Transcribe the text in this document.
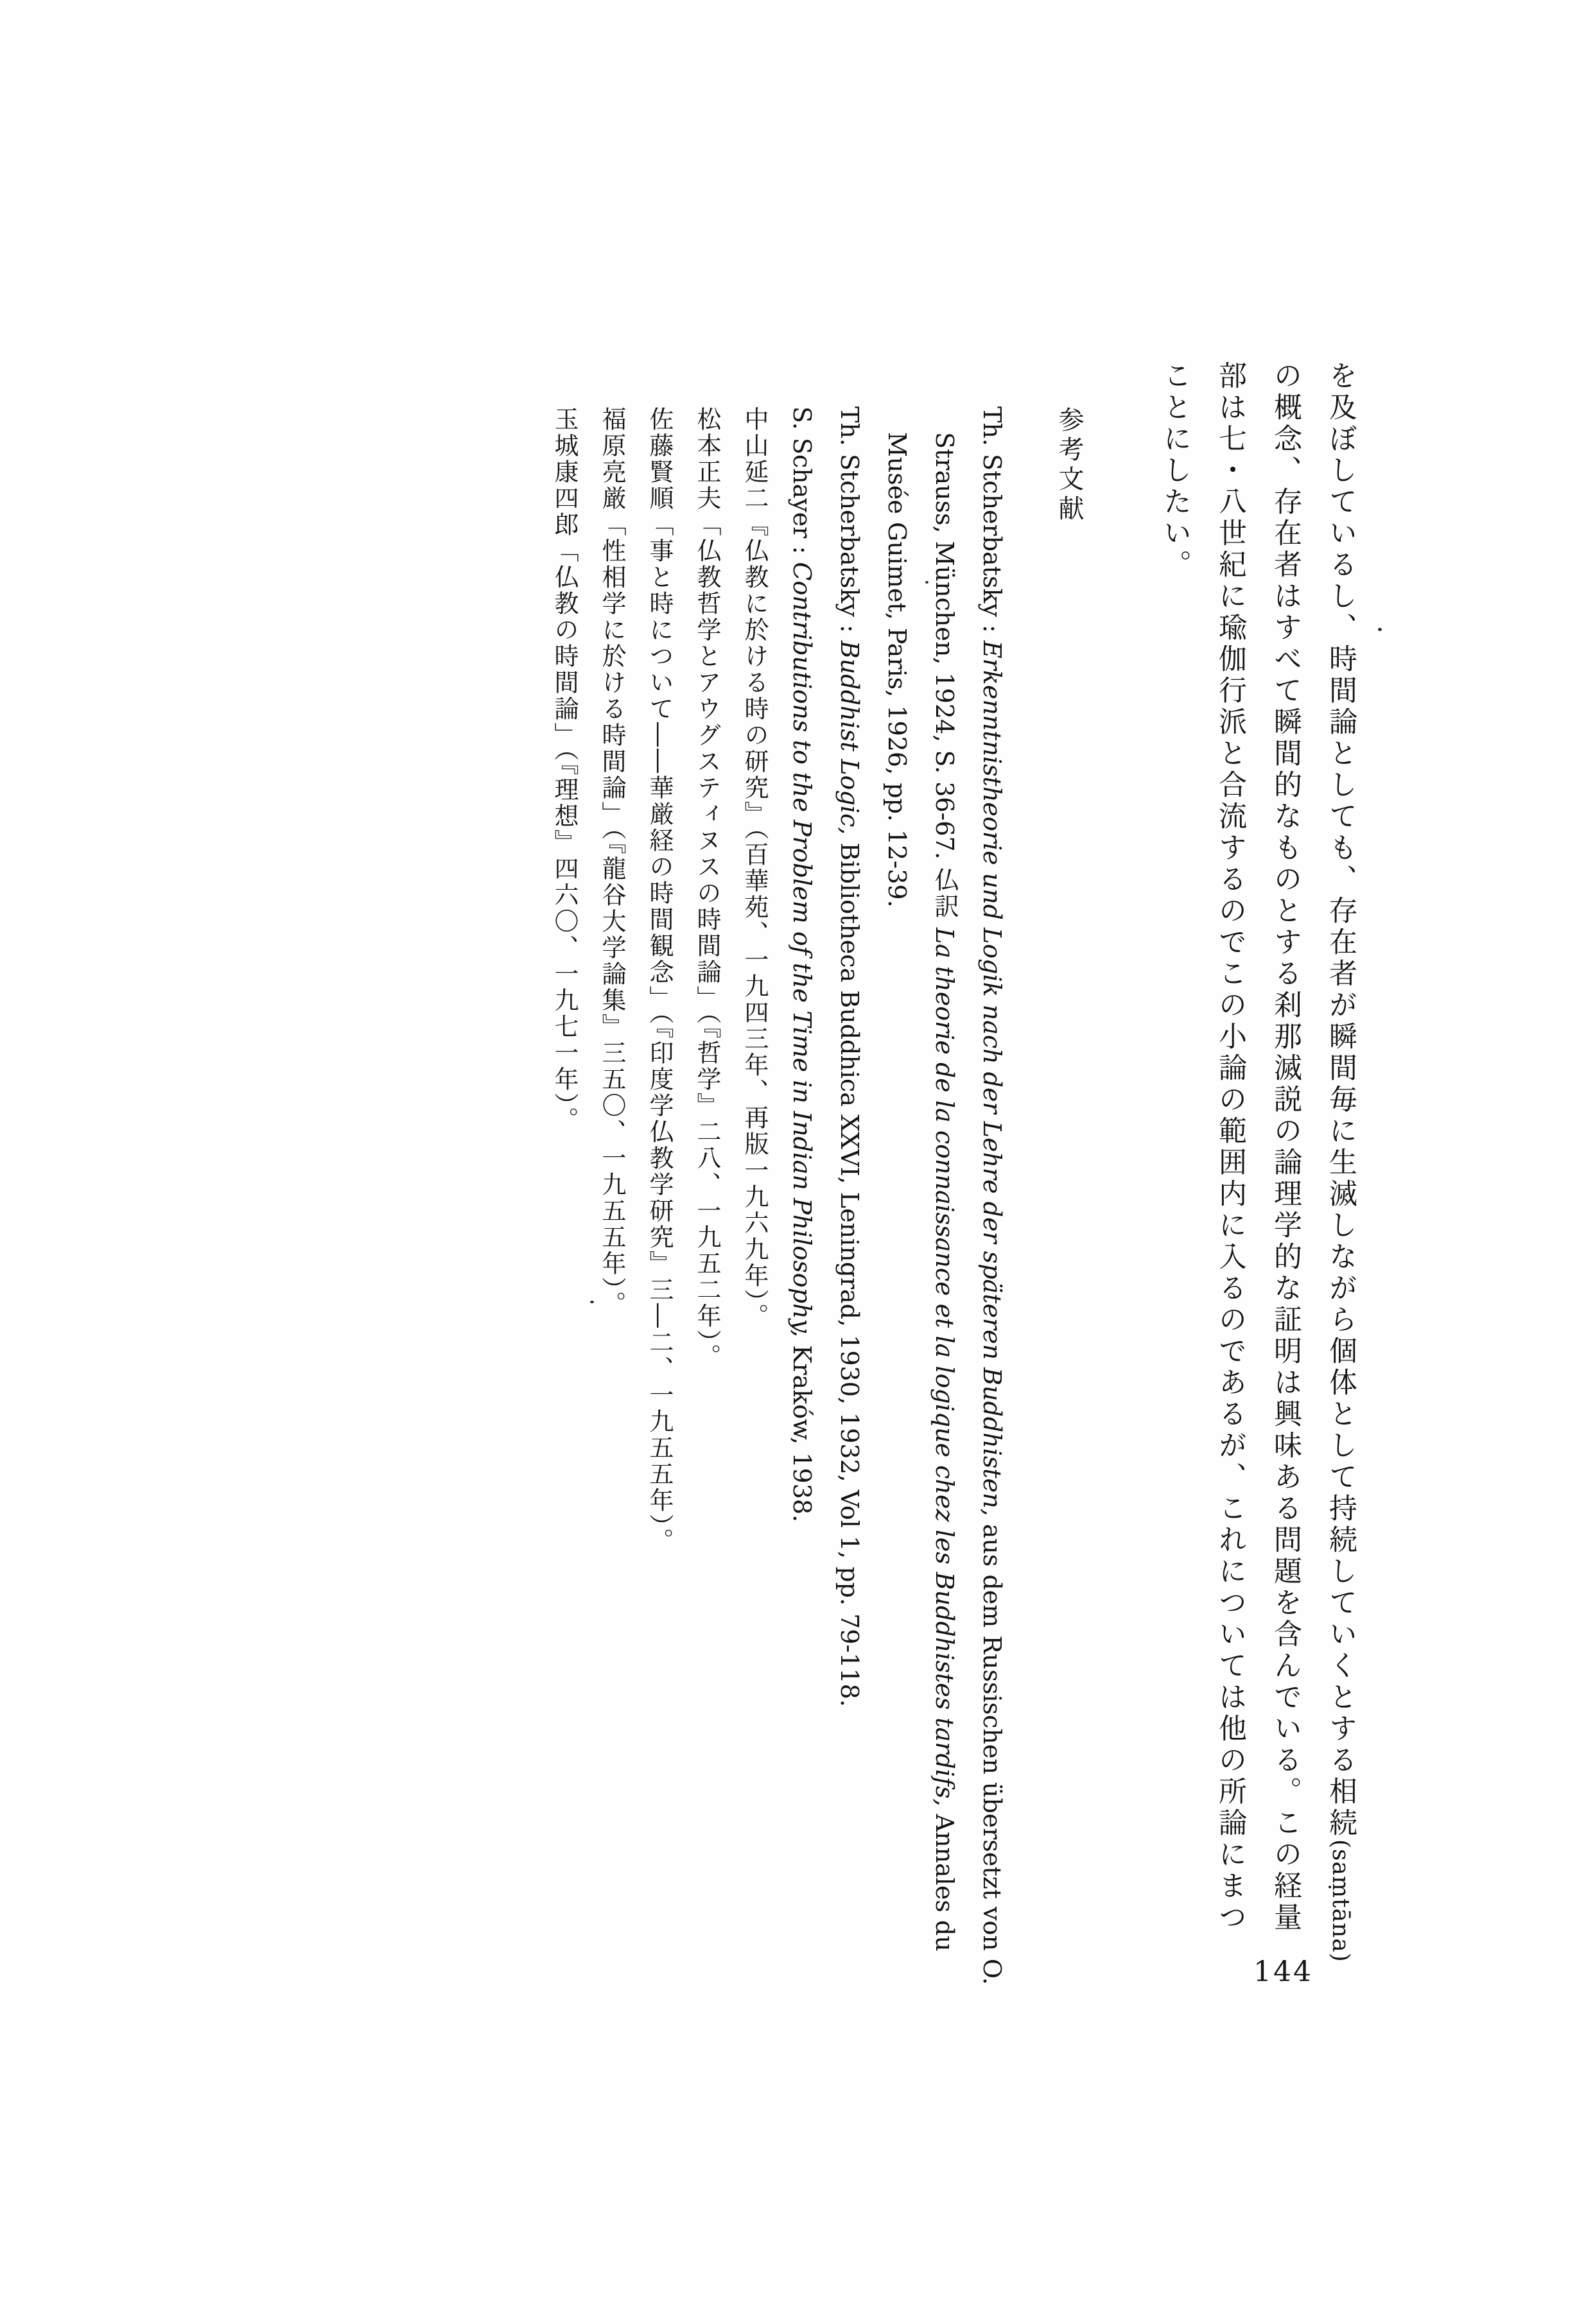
を及ぼしているし、時間論としても、存在者が瞬間毎に生滅しながら個体として持続していくとする相続(saṃtāna)
の概念、存在者はすべて瞬間的なものとする刹那滅説の論理学的な証明は興味ある問題を含んでいる。この経量
部は七・八世紀に瑜伽行派と合流するのでこの小論の範囲内に入るのであるが、これについては他の所論にまつ
ことにしたい。
参考文献
Th. Stcherbatsky : Erkenntnistheorie und Logik nach der Lehre der späteren Buddhisten, aus dem Russischen übersetzt von O.
Strauss, München, 1924, S. 36-67. 仏訳 La theorie de la connaissance et la logique chez les Buddhistes tardifs, Annales du
Musée Guimet, Paris, 1926, pp. 12-39.
Th. Stcherbatsky : Buddhist Logic, Bibliotheca Buddhica XXVI, Leningrad, 1930, 1932, Vol 1, pp. 79-118.
S. Schayer : Contributions to the Problem of the Time in Indian Philosophy, Kraków, 1938.
中山延二『仏教に於ける時の研究』（百華苑、一九四三年、再版一九六九年）。
松本正夫「仏教哲学とアウグスティヌスの時間論」（『哲学』二八、一九五二年）。
佐藤賢順「事と時について――華厳経の時間観念」（『印度学仏教学研究』三―二、一九五五年）。
福原亮厳「性相学に於ける時間論」（『龍谷大学論集』三五〇、一九五五年）。
玉城康四郎「仏教の時間論」（『理想』四六〇、一九七一年）。
144
